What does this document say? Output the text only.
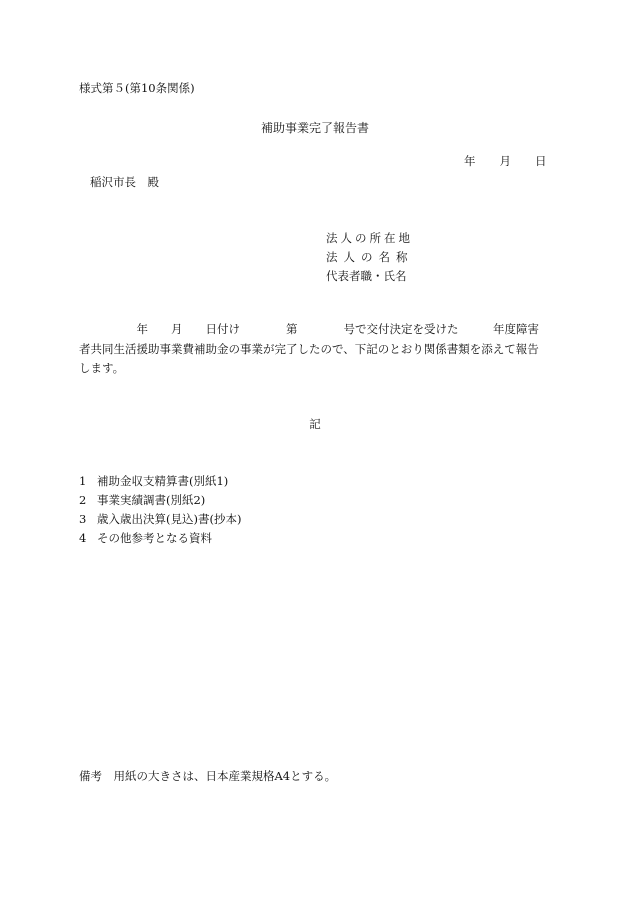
様式第５(第10条関係)
補助事業完了報告書
年 月 日
稲沢市長　殿
法人の所在地
法人の名称
代表者職・氏名
　　　　　年　　月　　日付け　　　　第　　　　号で交付決定を受けた　　　年度障害
者共同生活援助事業費補助金の事業が完了したので、下記のとおり関係書類を添えて報告
します。
記
1 補助金収支精算書(別紙1)
2 事業実績調書(別紙2)
3 歳入歳出決算(見込)書(抄本)
4 その他参考となる資料
備考　用紙の大きさは、日本産業規格A4とする。
